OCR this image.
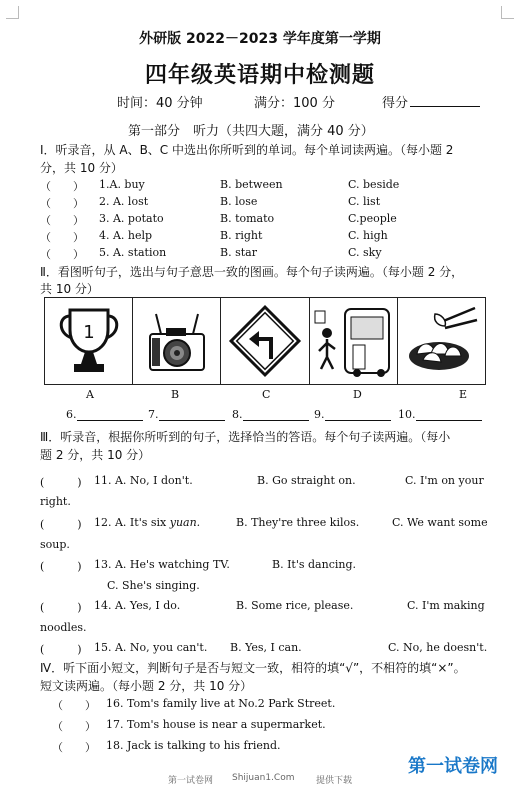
外研版 2022－2023 学年度第一学期
四年级英语期中检测题
时间：40 分钟	满分：100 分	得分
第一部分　听力（共四大题，满分 40 分）
Ⅰ．听录音，从 A、B、C 中选出你所听到的单词。每个单词读两遍。（每小题 2
分，共 10 分）
（　　） 1.A. buy	B. between	C. beside
（　　） 2. A. lost	B. lose	C. list
（　　） 3. A. potato	B. tomato	C.people
（　　） 4. A. help	B. right	C. high
（　　） 5. A. station	B. star	C. sky
Ⅱ．看图听句子，选出与句子意思一致的图画。每个句子读两遍。（每小题 2 分，
共 10 分）
1
A	B	C	D	E
6.	7.	8.	9.	10.
Ⅲ．听录音，根据你所听到的句子，选择恰当的答语。每个句子读两遍。（每小
题 2 分，共 10 分）
(　　　) 11. A. No, I don't.	B. Go straight on.	C. I'm on your
right.
(　　　) 12. A. It's six yuan.	B. They're three kilos.	C. We want some
soup.
(　　　) 13. A. He's watching TV.	B. It's dancing.
C. She's singing.
(　　　) 14. A. Yes, I do.	B. Some rice, please.	C. I'm making
noodles.
(　　　) 15. A. No, you can't. B. Yes, I can.	C. No, he doesn't.
Ⅳ．听下面小短文，判断句子是否与短文一致，相符的填“√”，不相符的填“×”。
短文读两遍。（每小题 2 分，共 10 分）
（　　） 16. Tom's family live at No.2 Park Street.
（　　） 17. Tom's house is near a supermarket.
（　　） 18. Jack is talking to his friend.
第一试卷网 Shijuan1.Com 提供下载
第一试卷网
